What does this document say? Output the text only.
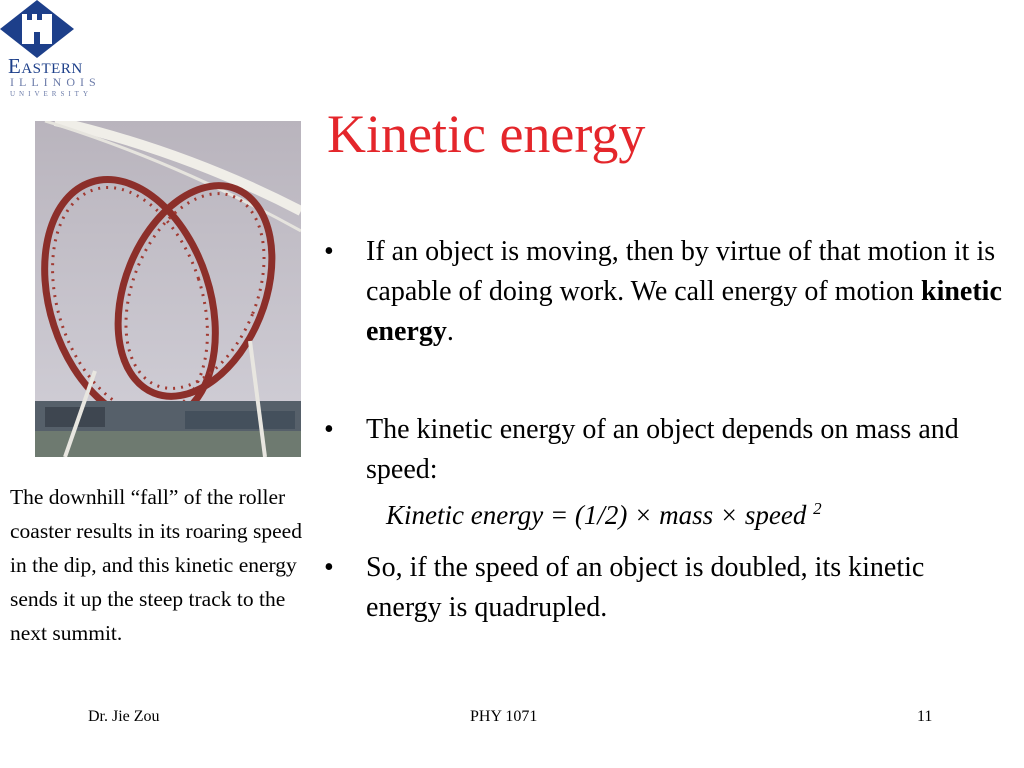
Eastern
ILLINOIS
UNIVERSITY
Kinetic energy
The downhill “fall” of the roller coaster results in its roaring speed in the dip, and this kinetic energy sends it up the steep track to the next summit.
• If an object is moving, then by virtue of that motion it is capable of doing work. We call energy of motion kinetic energy.
• The kinetic energy of an object depends on mass and speed:
• So, if the speed of an object is doubled, its kinetic energy is quadrupled.
Kinetic energy = (1/2) × mass × speed $^2$
Dr. Jie Zou	PHY 1071	11
